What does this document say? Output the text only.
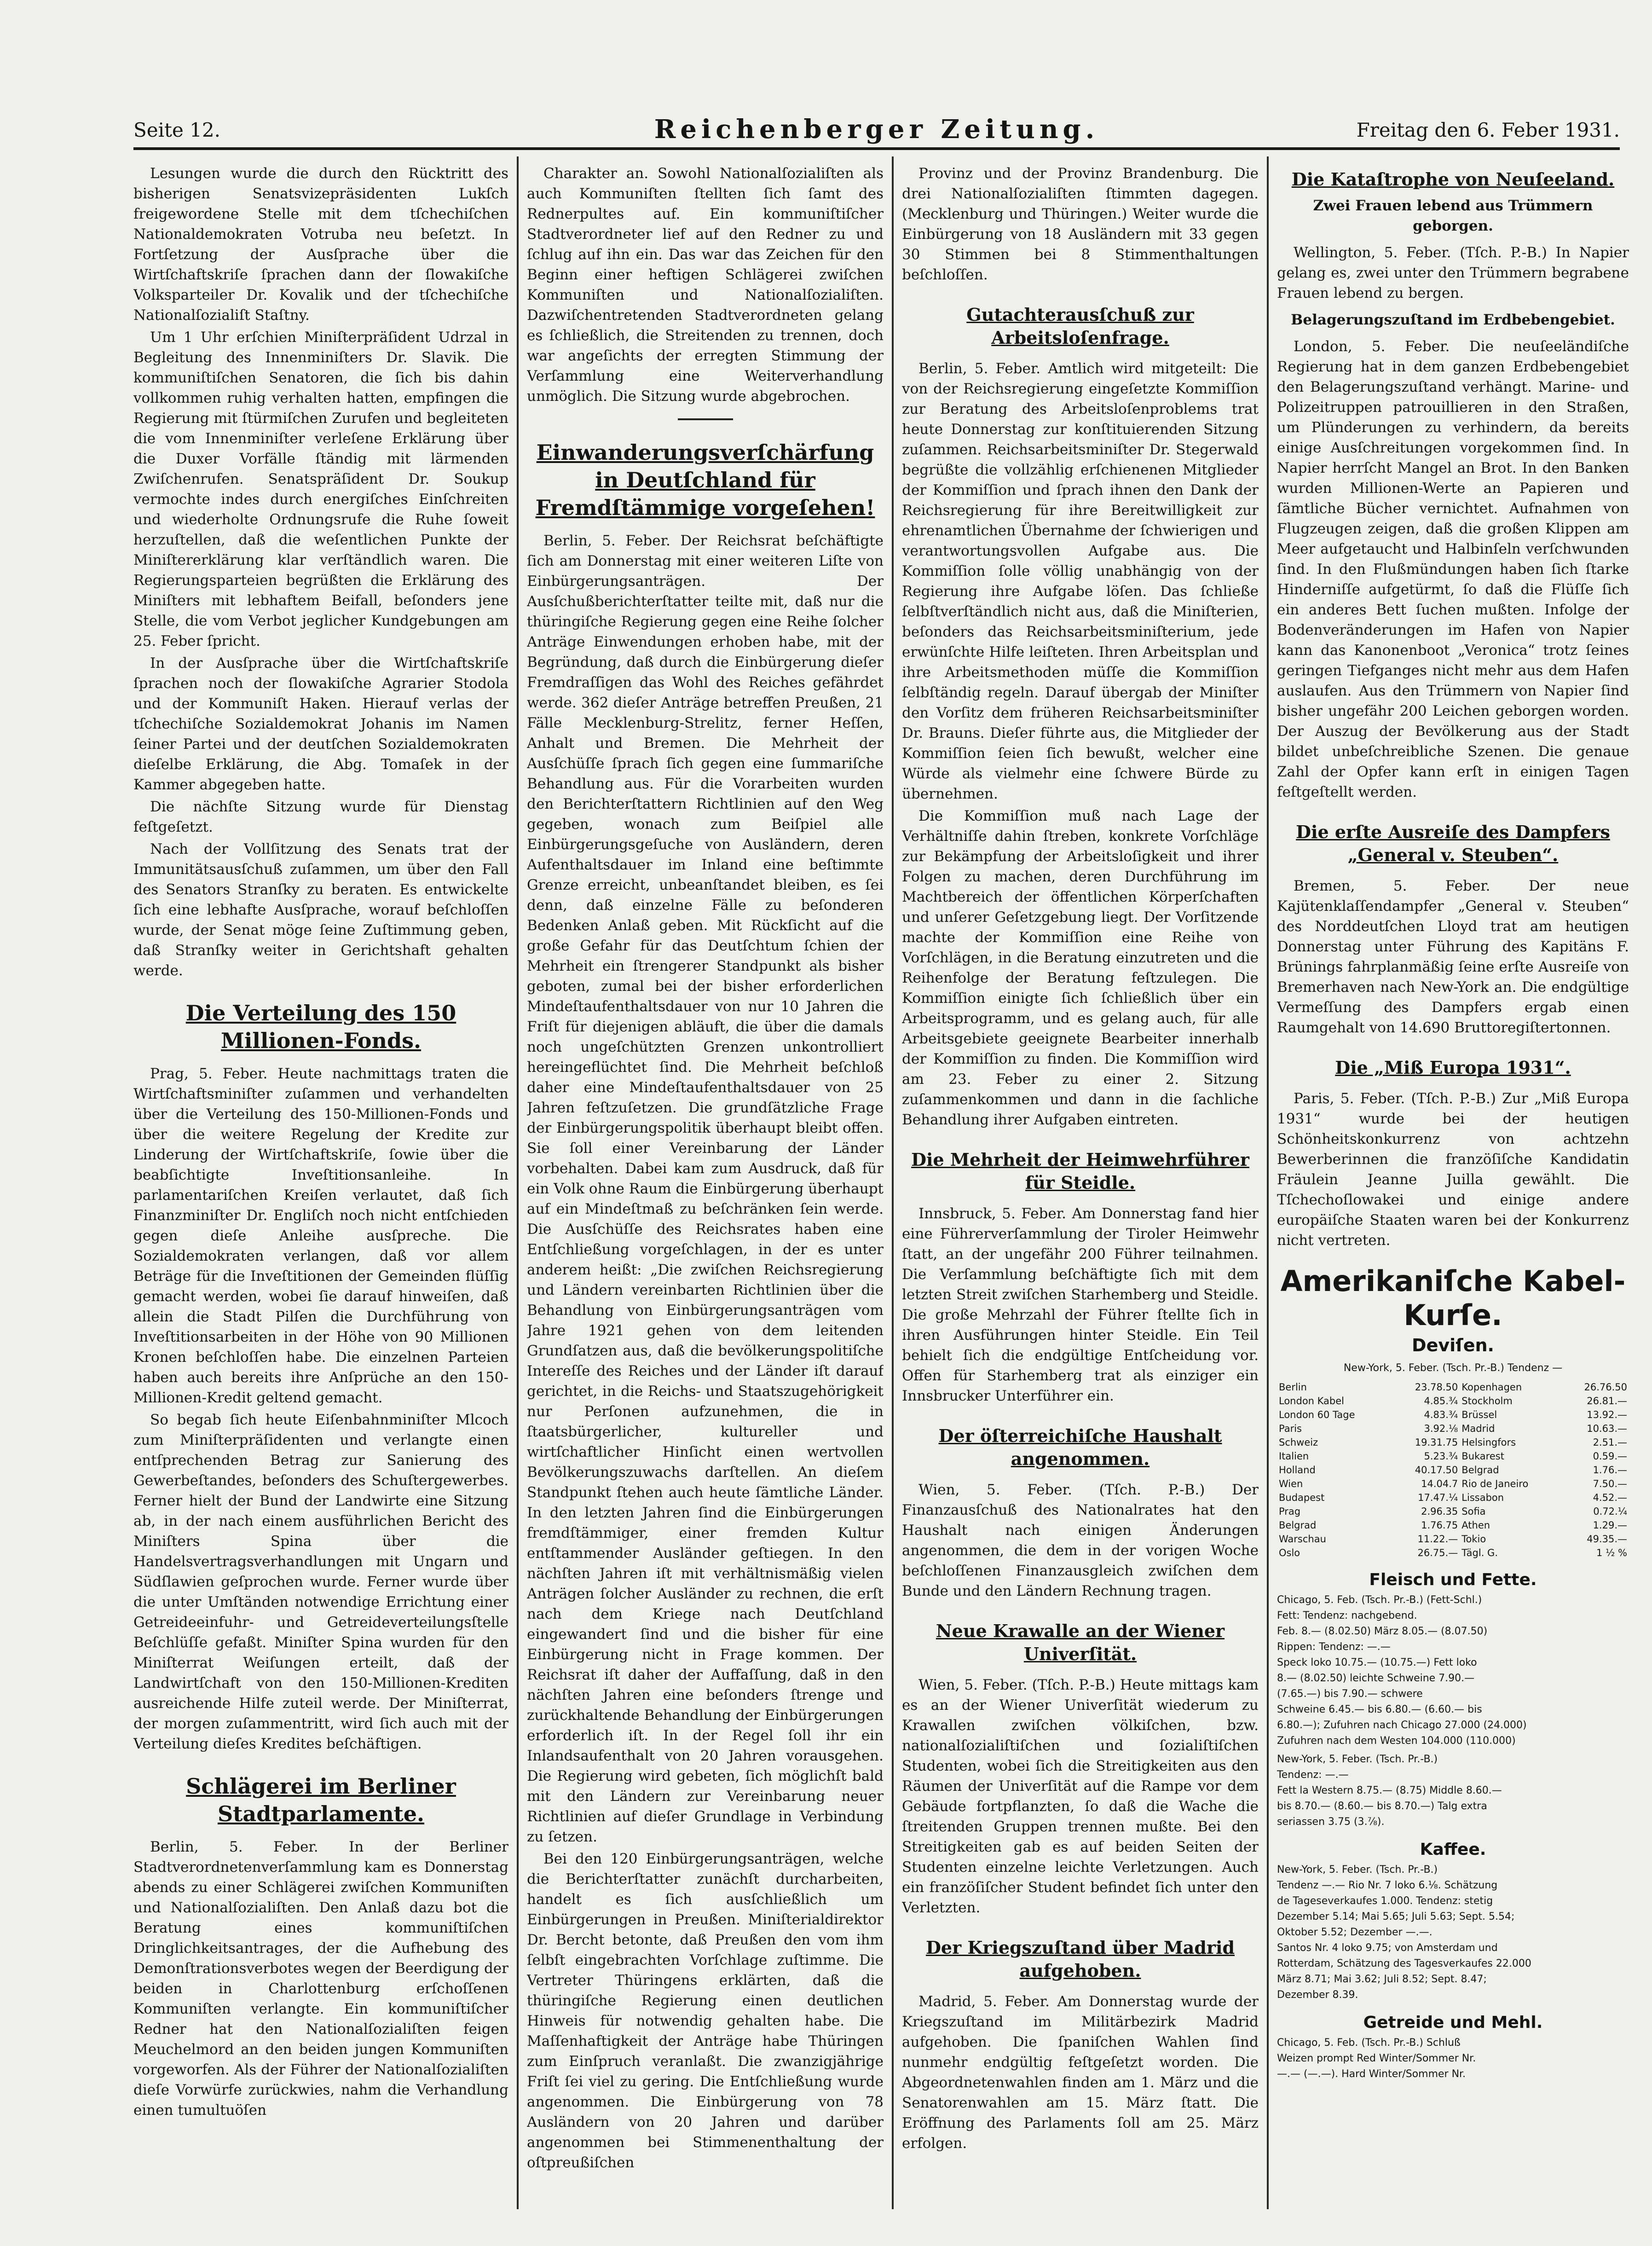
Seite 12.	Reichenberger Zeitung.	Freitag den 6. Feber 1931.

Lesungen wurde die durch den Rücktritt des bisherigen Senatsvizepräsidenten Lukſch freigewordene Stelle mit dem tſchechiſchen Nationaldemokraten Votruba neu beſetzt. In Fortſetzung der Ausſprache über die Wirtſchaftskriſe ſprachen dann der ſlowakiſche Volksparteiler Dr. Kovalik und der tſchechiſche Nationalſozialiſt Staſtny.

Um 1 Uhr erſchien Miniſterpräſident Udrzal in Begleitung des Innenminiſters Dr. Slavik. Die kommuniſtiſchen Senatoren, die ſich bis dahin vollkommen ruhig verhalten hatten, empfingen die Regierung mit ſtürmiſchen Zurufen und begleiteten die vom Innenminiſter verleſene Erklärung über die Duxer Vorfälle ſtändig mit lärmenden Zwiſchenrufen. Senatspräſident Dr. Soukup vermochte indes durch energiſches Einſchreiten und wiederholte Ordnungsrufe die Ruhe ſoweit herzuſtellen, daß die weſentlichen Punkte der Miniſtererklärung klar verſtändlich waren. Die Regierungsparteien begrüßten die Erklärung des Miniſters mit lebhaftem Beifall, beſonders jene Stelle, die vom Verbot jeglicher Kundgebungen am 25. Feber ſpricht.

In der Ausſprache über die Wirtſchaftskriſe ſprachen noch der ſlowakiſche Agrarier Stodola und der Kommuniſt Haken. Hierauf verlas der tſchechiſche Sozialdemokrat Johanis im Namen ſeiner Partei und der deutſchen Sozialdemokraten dieſelbe Erklärung, die Abg. Tomaſek in der Kammer abgegeben hatte.

Die nächſte Sitzung wurde für Dienstag feſtgeſetzt.

Nach der Vollſitzung des Senats trat der Immunitätsausſchuß zuſammen, um über den Fall des Senators Stranſky zu beraten. Es entwickelte ſich eine lebhafte Ausſprache, worauf beſchloſſen wurde, der Senat möge ſeine Zuſtimmung geben, daß Stranſky weiter in Gerichtshaft gehalten werde.

Die Verteilung des 150 Millionen-Fonds.

Prag, 5. Feber. Heute nachmittags traten die Wirtſchaftsminiſter zuſammen und verhandelten über die Verteilung des 150-Millionen-Fonds und über die weitere Regelung der Kredite zur Linderung der Wirtſchaftskriſe, ſowie über die beabſichtigte Inveſtitionsanleihe. In parlamentariſchen Kreiſen verlautet, daß ſich Finanzminiſter Dr. Engliſch noch nicht entſchieden gegen dieſe Anleihe ausſpreche. Die Sozialdemokraten verlangen, daß vor allem Beträge für die Inveſtitionen der Gemeinden flüſſig gemacht werden, wobei ſie darauf hinweiſen, daß allein die Stadt Pilſen die Durchführung von Inveſtitionsarbeiten in der Höhe von 90 Millionen Kronen beſchloſſen habe. Die einzelnen Parteien haben auch bereits ihre Anſprüche an den 150-Millionen-Kredit geltend gemacht.

So begab ſich heute Eiſenbahnminiſter Mlcoch zum Miniſterpräſidenten und verlangte einen entſprechenden Betrag zur Sanierung des Gewerbeſtandes, beſonders des Schuſtergewerbes. Ferner hielt der Bund der Landwirte eine Sitzung ab, in der nach einem ausführlichen Bericht des Miniſters Spina über die Handelsvertragsverhandlungen mit Ungarn und Südſlawien geſprochen wurde. Ferner wurde über die unter Umſtänden notwendige Errichtung einer Getreideeinfuhr- und Getreideverteilungsſtelle Beſchlüſſe gefaßt. Miniſter Spina wurden für den Miniſterrat Weiſungen erteilt, daß der Landwirtſchaft von den 150-Millionen-Krediten ausreichende Hilfe zuteil werde. Der Miniſterrat, der morgen zuſammentritt, wird ſich auch mit der Verteilung dieſes Kredites beſchäftigen.

Schlägerei im Berliner Stadtparlamente.

Berlin, 5. Feber. In der Berliner Stadtverordnetenverſammlung kam es Donnerstag abends zu einer Schlägerei zwiſchen Kommuniſten und Nationalſozialiſten. Den Anlaß dazu bot die Beratung eines kommuniſtiſchen Dringlichkeitsantrages, der die Aufhebung des Demonſtrationsverbotes wegen der Beerdigung der beiden in Charlottenburg erſchoſſenen Kommuniſten verlangte. Ein kommuniſtiſcher Redner hat den Nationalſozialiſten feigen Meuchelmord an den beiden jungen Kommuniſten vorgeworfen. Als der Führer der Nationalſozialiſten dieſe Vorwürfe zurückwies, nahm die Verhandlung einen tumultuöſen

Charakter an. Sowohl Nationalſozialiſten als auch Kommuniſten ſtellten ſich ſamt des Rednerpultes auf. Ein kommuniſtiſcher Stadtverordneter lief auf den Redner zu und ſchlug auf ihn ein. Das war das Zeichen für den Beginn einer heftigen Schlägerei zwiſchen Kommuniſten und Nationalſozialiſten. Dazwiſchentretenden Stadtverordneten gelang es ſchließlich, die Streitenden zu trennen, doch war angeſichts der erregten Stimmung der Verſammlung eine Weiterverhandlung unmöglich. Die Sitzung wurde abgebrochen.

Einwanderungsverſchärfung in Deutſchland für Fremdſtämmige vorgeſehen!

Berlin, 5. Feber. Der Reichsrat beſchäftigte ſich am Donnerstag mit einer weiteren Liſte von Einbürgerungsanträgen. Der Ausſchußberichterſtatter teilte mit, daß nur die thüringiſche Regierung gegen eine Reihe ſolcher Anträge Einwendungen erhoben habe, mit der Begründung, daß durch die Einbürgerung dieſer Fremdraſſigen das Wohl des Reiches gefährdet werde. 362 dieſer Anträge betreffen Preußen, 21 Fälle Mecklenburg-Strelitz, ferner Heſſen, Anhalt und Bremen. Die Mehrheit der Ausſchüſſe ſprach ſich gegen eine ſummariſche Behandlung aus. Für die Vorarbeiten wurden den Berichterſtattern Richtlinien auf den Weg gegeben, wonach zum Beiſpiel alle Einbürgerungsgeſuche von Ausländern, deren Aufenthaltsdauer im Inland eine beſtimmte Grenze erreicht, unbeanſtandet bleiben, es ſei denn, daß einzelne Fälle zu beſonderen Bedenken Anlaß geben. Mit Rückſicht auf die große Gefahr für das Deutſchtum ſchien der Mehrheit ein ſtrengerer Standpunkt als bisher geboten, zumal bei der bisher erforderlichen Mindeſtaufenthaltsdauer von nur 10 Jahren die Friſt für diejenigen abläuft, die über die damals noch ungeſchützten Grenzen unkontrolliert hereingeflüchtet ſind. Die Mehrheit beſchloß daher eine Mindeſtaufenthaltsdauer von 25 Jahren feſtzuſetzen. Die grundſätzliche Frage der Einbürgerungspolitik überhaupt bleibt offen. Sie ſoll einer Vereinbarung der Länder vorbehalten. Dabei kam zum Ausdruck, daß für ein Volk ohne Raum die Einbürgerung überhaupt auf ein Mindeſtmaß zu beſchränken ſein werde. Die Ausſchüſſe des Reichsrates haben eine Entſchließung vorgeſchlagen, in der es unter anderem heißt: „Die zwiſchen Reichsregierung und Ländern vereinbarten Richtlinien über die Behandlung von Einbürgerungsanträgen vom Jahre 1921 gehen von dem leitenden Grundſatzen aus, daß die bevölkerungspolitiſche Intereſſe des Reiches und der Länder iſt darauf gerichtet, in die Reichs- und Staatszugehörigkeit nur Perſonen aufzunehmen, die in ſtaatsbürgerlicher, kultureller und wirtſchaftlicher Hinſicht einen wertvollen Bevölkerungszuwachs darſtellen. An dieſem Standpunkt ſtehen auch heute ſämtliche Länder. In den letzten Jahren ſind die Einbürgerungen fremdſtämmiger, einer fremden Kultur entſtammender Ausländer geſtiegen. In den nächſten Jahren iſt mit verhältnismäßig vielen Anträgen ſolcher Ausländer zu rechnen, die erſt nach dem Kriege nach Deutſchland eingewandert ſind und die bisher für eine Einbürgerung nicht in Frage kommen. Der Reichsrat iſt daher der Auffaſſung, daß in den nächſten Jahren eine beſonders ſtrenge und zurückhaltende Behandlung der Einbürgerungen erforderlich iſt. In der Regel ſoll ihr ein Inlandsaufenthalt von 20 Jahren vorausgehen. Die Regierung wird gebeten, ſich möglichſt bald mit den Ländern zur Vereinbarung neuer Richtlinien auf dieſer Grundlage in Verbindung zu ſetzen.

Bei den 120 Einbürgerungsanträgen, welche die Berichterſtatter zunächſt durcharbeiten, handelt es ſich ausſchließlich um Einbürgerungen in Preußen. Miniſterialdirektor Dr. Bercht betonte, daß Preußen den vom ihm ſelbſt eingebrachten Vorſchlage zuſtimme. Die Vertreter Thüringens erklärten, daß die thüringiſche Regierung einen deutlichen Hinweis für notwendig gehalten habe. Die Maſſenhaftigkeit der Anträge habe Thüringen zum Einſpruch veranlaßt. Die zwanzigjährige Friſt ſei viel zu gering. Die Entſchließung wurde angenommen. Die Einbürgerung von 78 Ausländern von 20 Jahren und darüber angenommen bei Stimmenenthaltung der oſtpreußiſchen

Provinz und der Provinz Brandenburg. Die drei Nationalſozialiſten ſtimmten dagegen. (Mecklenburg und Thüringen.) Weiter wurde die Einbürgerung von 18 Ausländern mit 33 gegen 30 Stimmen bei 8 Stimmenthaltungen beſchloſſen.

Gutachterausſchuß zur Arbeitsloſenfrage.

Berlin, 5. Feber. Amtlich wird mitgeteilt: Die von der Reichsregierung eingeſetzte Kommiſſion zur Beratung des Arbeitsloſenproblems trat heute Donnerstag zur konſtituierenden Sitzung zuſammen. Reichsarbeitsminiſter Dr. Stegerwald begrüßte die vollzählig erſchienenen Mitglieder der Kommiſſion und ſprach ihnen den Dank der Reichsregierung für ihre Bereitwilligkeit zur ehrenamtlichen Übernahme der ſchwierigen und verantwortungsvollen Aufgabe aus. Die Kommiſſion ſolle völlig unabhängig von der Regierung ihre Aufgabe löſen. Das ſchließe ſelbſtverſtändlich nicht aus, daß die Miniſterien, beſonders das Reichsarbeitsminiſterium, jede erwünſchte Hilfe leiſteten. Ihren Arbeitsplan und ihre Arbeitsmethoden müſſe die Kommiſſion ſelbſtändig regeln. Darauf übergab der Miniſter den Vorſitz dem früheren Reichsarbeitsminiſter Dr. Brauns. Dieſer führte aus, die Mitglieder der Kommiſſion ſeien ſich bewußt, welcher eine Würde als vielmehr eine ſchwere Bürde zu übernehmen.

Die Kommiſſion muß nach Lage der Verhältniſſe dahin ſtreben, konkrete Vorſchläge zur Bekämpfung der Arbeitsloſigkeit und ihrer Folgen zu machen, deren Durchführung im Machtbereich der öffentlichen Körperſchaften und unſerer Geſetzgebung liegt. Der Vorſitzende machte der Kommiſſion eine Reihe von Vorſchlägen, in die Beratung einzutreten und die Reihenfolge der Beratung feſtzulegen. Die Kommiſſion einigte ſich ſchließlich über ein Arbeitsprogramm, und es gelang auch, für alle Arbeitsgebiete geeignete Bearbeiter innerhalb der Kommiſſion zu finden. Die Kommiſſion wird am 23. Feber zu einer 2. Sitzung zuſammenkommen und dann in die ſachliche Behandlung ihrer Aufgaben eintreten.

Die Mehrheit der Heimwehrführer für Steidle.

Innsbruck, 5. Feber. Am Donnerstag fand hier eine Führerverſammlung der Tiroler Heimwehr ſtatt, an der ungefähr 200 Führer teilnahmen. Die Verſammlung beſchäftigte ſich mit dem letzten Streit zwiſchen Starhemberg und Steidle. Die große Mehrzahl der Führer ſtellte ſich in ihren Ausführungen hinter Steidle. Ein Teil behielt ſich die endgültige Entſcheidung vor. Offen für Starhemberg trat als einziger ein Innsbrucker Unterführer ein.

Der öſterreichiſche Haushalt angenommen.

Wien, 5. Feber. (Tſch. P.-B.) Der Finanzausſchuß des Nationalrates hat den Haushalt nach einigen Änderungen angenommen, die dem in der vorigen Woche beſchloſſenen Finanzausgleich zwiſchen dem Bunde und den Ländern Rechnung tragen.

Neue Krawalle an der Wiener Univerſität.

Wien, 5. Feber. (Tſch. P.-B.) Heute mittags kam es an der Wiener Univerſität wiederum zu Krawallen zwiſchen völkiſchen, bzw. nationalſozialiſtiſchen und ſozialiſtiſchen Studenten, wobei ſich die Streitigkeiten aus den Räumen der Univerſität auf die Rampe vor dem Gebäude fortpflanzten, ſo daß die Wache die ſtreitenden Gruppen trennen mußte. Bei den Streitigkeiten gab es auf beiden Seiten der Studenten einzelne leichte Verletzungen. Auch ein franzöſiſcher Student befindet ſich unter den Verletzten.

Der Kriegszuſtand über Madrid aufgehoben.

Madrid, 5. Feber. Am Donnerstag wurde der Kriegszuſtand im Militärbezirk Madrid aufgehoben. Die ſpaniſchen Wahlen ſind nunmehr endgültig feſtgeſetzt worden. Die Abgeordnetenwahlen finden am 1. März und die Senatorenwahlen am 15. März ſtatt. Die Eröffnung des Parlaments ſoll am 25. März erfolgen.

Die Kataſtrophe von Neuſeeland.
Zwei Frauen lebend aus Trümmern geborgen.

Wellington, 5. Feber. (Tſch. P.-B.) In Napier gelang es, zwei unter den Trümmern begrabene Frauen lebend zu bergen.

Belagerungszuſtand im Erdbebengebiet.

London, 5. Feber. Die neuſeeländiſche Regierung hat in dem ganzen Erdbebengebiet den Belagerungszuſtand verhängt. Marine- und Polizeitruppen patrouillieren in den Straßen, um Plünderungen zu verhindern, da bereits einige Ausſchreitungen vorgekommen ſind. In Napier herrſcht Mangel an Brot. In den Banken wurden Millionen-Werte an Papieren und ſämtliche Bücher vernichtet. Aufnahmen von Flugzeugen zeigen, daß die großen Klippen am Meer aufgetaucht und Halbinſeln verſchwunden ſind. In den Flußmündungen haben ſich ſtarke Hinderniſſe aufgetürmt, ſo daß die Flüſſe ſich ein anderes Bett ſuchen mußten. Infolge der Bodenveränderungen im Hafen von Napier kann das Kanonenboot „Veronica“ trotz ſeines geringen Tiefganges nicht mehr aus dem Hafen auslaufen. Aus den Trümmern von Napier ſind bisher ungefähr 200 Leichen geborgen worden. Der Auszug der Bevölkerung aus der Stadt bildet unbeſchreibliche Szenen. Die genaue Zahl der Opfer kann erſt in einigen Tagen feſtgeſtellt werden.

Die erſte Ausreiſe des Dampfers „General v. Steuben“.

Bremen, 5. Feber. Der neue Kajütenklaſſendampfer „General v. Steuben“ des Norddeutſchen Lloyd trat am heutigen Donnerstag unter Führung des Kapitäns F. Brünings fahrplanmäßig ſeine erſte Ausreiſe von Bremerhaven nach New-York an. Die endgültige Vermeſſung des Dampfers ergab einen Raumgehalt von 14.690 Bruttoregiſtertonnen.

Die „Miß Europa 1931“.

Paris, 5. Feber. (Tſch. P.-B.) Zur „Miß Europa 1931“ wurde bei der heutigen Schönheitskonkurrenz von achtzehn Bewerberinnen die franzöſiſche Kandidatin Fräulein Jeanne Juilla gewählt. Die Tſchechoſlowakei und einige andere europäiſche Staaten waren bei der Konkurrenz nicht vertreten.

Amerikaniſche Kabel-Kurſe.
Deviſen.
New-York, 5. Feber. (Tsch. Pr.-B.) Tendenz —
Berlin	23.78.50	Kopenhagen	26.76.50
London Kabel	4.85.¾	Stockholm	26.81.—
London 60 Tage	4.83.¾	Brüssel	13.92.—
Paris	3.92.⅛	Madrid	10.63.—
Schweiz	19.31.75	Helsingfors	2.51.—
Italien	5.23.¾	Bukarest	0.59.—
Holland	40.17.50	Belgrad	1.76.—
Wien	14.04.7	Rio de Janeiro	7.50.—
Budapest	17.47.¼	Lissabon	4.52.—
Prag	2.96.35	Sofia	0.72.¼
Belgrad	1.76.75	Athen	1.29.—
Warschau	11.22.—	Tokio	49.35.—
Oslo	26.75.—	Tägl. G.	1 ½ %
Fleisch und Fette.

Chicago, 5. Feb. (Tsch. Pr.-B.) (Fett-Schl.)

Fett: Tendenz: nachgebend.

Feb. 8.— (8.02.50) März 8.05.— (8.07.50)

Rippen: Tendenz: —.—

Speck loko 10.75.— (10.75.—) Fett loko

8.— (8.02.50) leichte Schweine 7.90.—

(7.65.—) bis 7.90.— schwere

Schweine 6.45.— bis 6.80.— (6.60.— bis

6.80.—); Zufuhren nach Chicago 27.000 (24.000)

Zufuhren nach dem Westen 104.000 (110.000)

New-York, 5. Feber. (Tsch. Pr.-B.)

Tendenz: —.—

Fett la Western 8.75.— (8.75) Middle 8.60.—

bis 8.70.— (8.60.— bis 8.70.—) Talg extra

seriassen 3.75 (3.⅞).

Kaffee.

New-York, 5. Feber. (Tsch. Pr.-B.)

Tendenz —.— Rio Nr. 7 loko 6.⅛. Schätzung

de Tageseverkaufes 1.000. Tendenz: stetig

Dezember 5.14; Mai 5.65; Juli 5.63; Sept. 5.54;

Oktober 5.52; Dezember —.—.

Santos Nr. 4 loko 9.75; von Amsterdam und

Rotterdam, Schätzung des Tagesverkaufes 22.000

März 8.71; Mai 3.62; Juli 8.52; Sept. 8.47;

Dezember 8.39.

Getreide und Mehl.

Chicago, 5. Feb. (Tsch. Pr.-B.) Schluß

Weizen prompt Red Winter/Sommer Nr.

—.— (—.—). Hard Winter/Sommer Nr.
